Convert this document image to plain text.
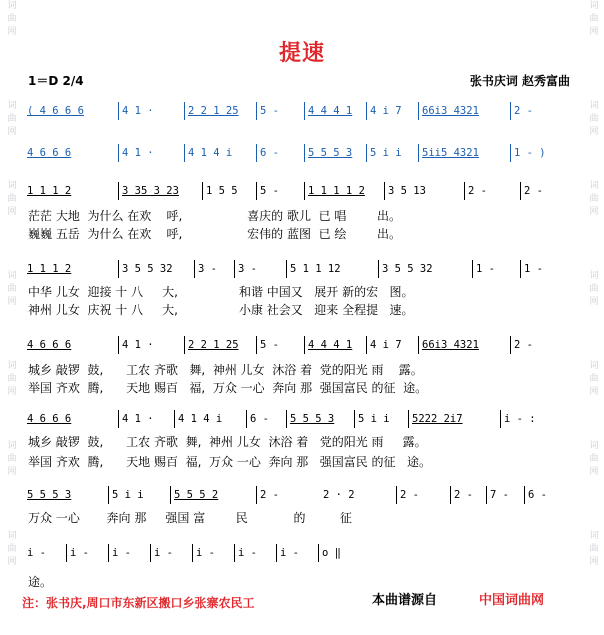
词
曲
网
词
曲
网
词
曲
网
词
曲
网
词
曲
网
词
曲
网
词
曲
网
词
曲
网
词
曲
网
词
曲
网
词
曲
网
词
曲
网
词
曲
网
词
曲
网
提速
1＝D 2/4	张书庆词 赵秀富曲
( 4 6 6 6	4 1 ·	2 2 1 25	5 -	4 4 4 1	4 i 7	66i3 4321	2 -
4 6 6 6	4 1 ·	4 1 4 i	6 -	5 5 5 3	5 i i	5ii5 4321	1 - )
1 1 1 2	3 35 3 23	1 5 5	5 -	1 1 1 1 2	3 5 13	2 -	2 -
1 1 1 2	3 5 5 32	3 -	3 -	5 1 1 12	3 5 5 32	1 -	1 -
4 6 6 6	4 1 ·	2 2 1 25	5 -	4 4 4 1	4 i 7	66i3 4321	2 -
4 6 6 6	4 1 ·	4 1 4 i	6 -	5 5 5 3	5 i i	5222 2i7	i - :
5 5 5 3	5 i i	5 5 5 2	2 -	2 · 2	2 -	2 -	7 -	6 -
i -	i -	i -	i -	i -	i -	i -	o ‖
茫茫 大地  为什么 在欢    呼,                 喜庆的 歌儿  已 唱        出。
巍巍 五岳  为什么 在欢    呼,                 宏伟的 蓝图  已 绘        出。
中华 儿女  迎接 十 八     大,                和谐 中国又   展开 新的宏   图。
神州 儿女  庆祝 十 八     大,                小康 社会又   迎来 全程提   速。
城乡 敲锣  鼓,      工农 齐歌   舞,  神州 儿女  沐浴 着  党的阳光 雨    露。
举国 齐欢  腾,      天地 赐百   福,  万众 一心  奔向 那  强国富民 的征  途。
城乡 敲锣  鼓,      工农 齐歌  舞,  神州 儿女  沐浴 着   党的阳光 雨     露。
举国 齐欢  腾,      天地 赐百  福,  万众 一心  奔向 那   强国富民 的征   途。
万众 一心       奔向 那     强国 富        民            的         征
途。
注：张书庆,周口市东新区搬口乡张寨农民工	本曲谱源自	中国词曲网
